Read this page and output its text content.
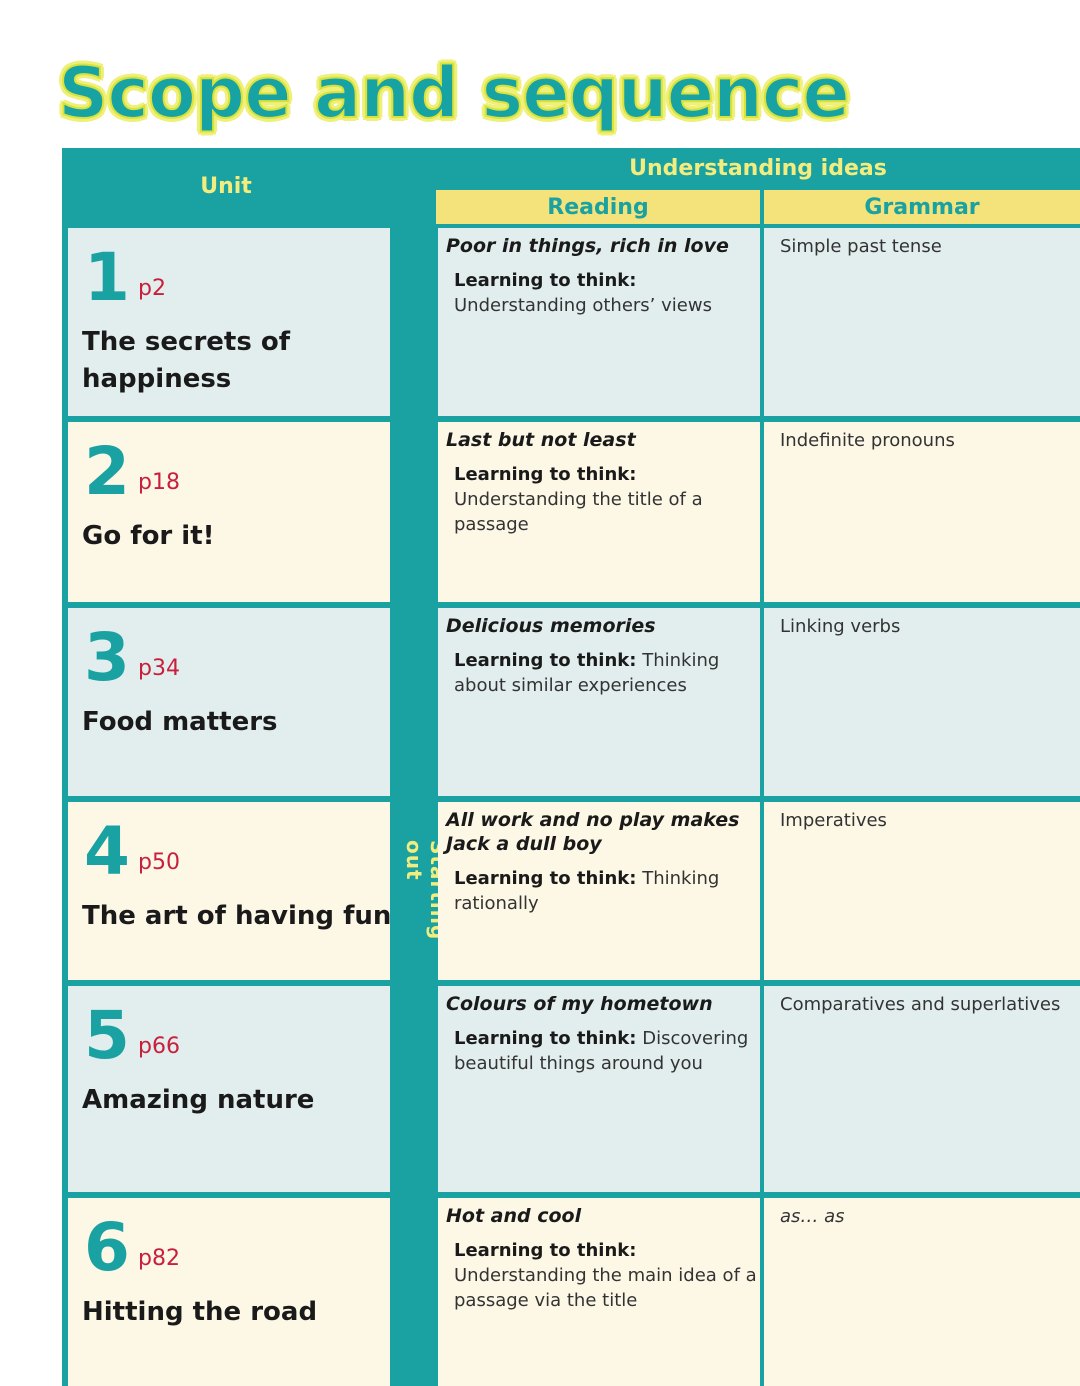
Scope and sequence
Unit
Understanding ideas
Reading	Grammar
out
1 p2
The secrets of happiness
Poor in things, rich in love
Learning to think: Understanding others’ views
Simple past tense
2 p18
Go for it!
Last but not least
Learning to think: Understanding the title of a passage
Indefinite pronouns
3 p34
Food matters
Delicious memories
Learning to think: Thinking about similar experiences
Linking verbs
4 p50
The art of having fun
All work and no play makes Jack a dull boy
Learning to think: Thinking rationally
Imperatives
5 p66
Amazing nature
Colours of my hometown
Learning to think: Discovering beautiful things around you
Comparatives and superlatives
6 p82
Hitting the road
Hot and cool
Learning to think: Understanding the main idea of a passage via the title
as… as
